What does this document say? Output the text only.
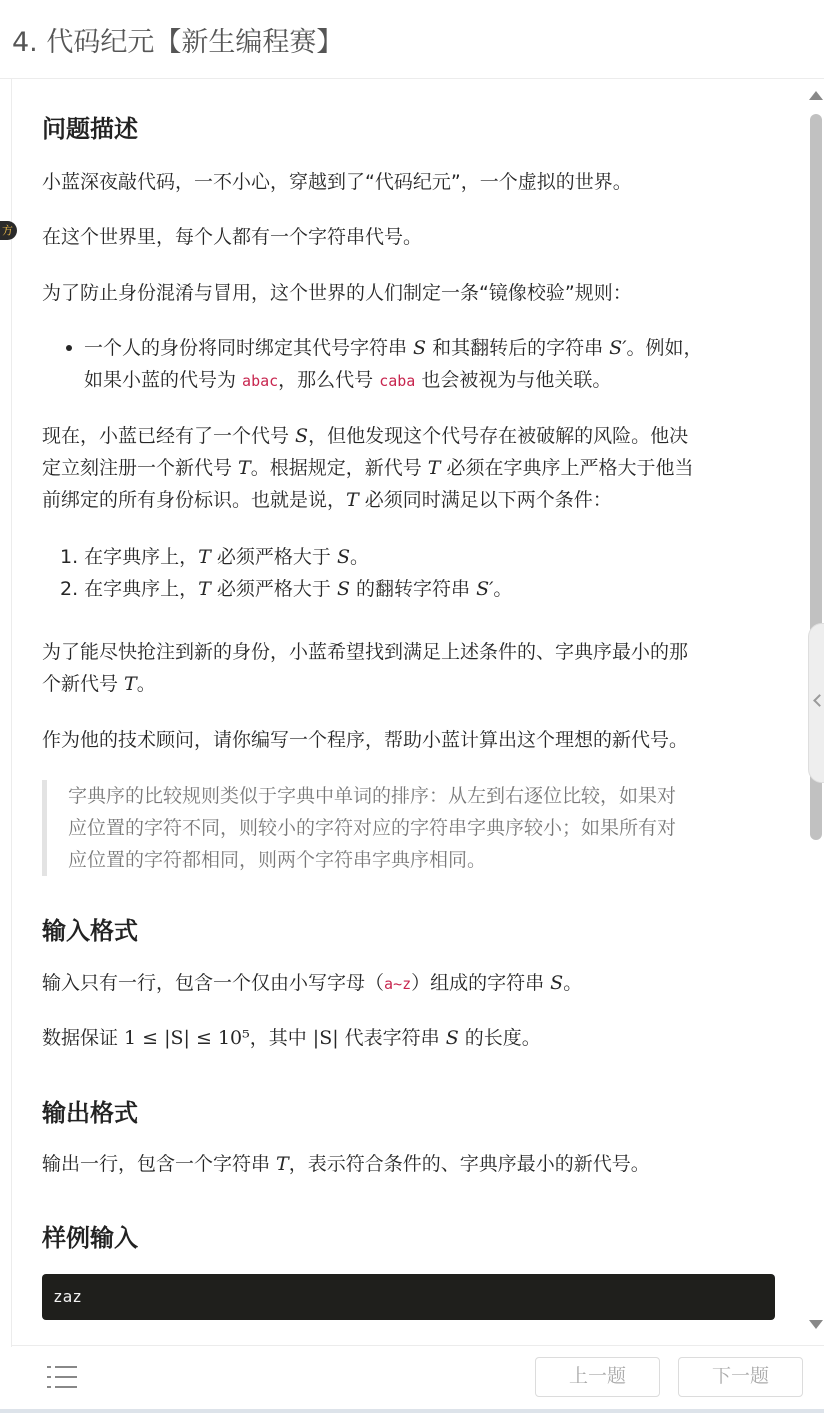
4. 代码纪元【新生编程赛】
方
问题描述
小蓝深夜敲代码，一不小心，穿越到了“代码纪元”，一个虚拟的世界。
在这个世界里，每个人都有一个字符串代号。
为了防止身份混淆与冒用，这个世界的人们制定一条“镜像校验”规则：
一个人的身份将同时绑定其代号字符串 S 和其翻转后的字符串 S′。例如，
如果小蓝的代号为 abac，那么代号 caba 也会被视为与他关联。
现在，小蓝已经有了一个代号 S，但他发现这个代号存在被破解的风险。他决
定立刻注册一个新代号 T。根据规定，新代号 T 必须在字典序上严格大于他当
前绑定的所有身份标识。也就是说，T 必须同时满足以下两个条件：
1. 在字典序上，T 必须严格大于 S。
2. 在字典序上，T 必须严格大于 S 的翻转字符串 S′。
为了能尽快抢注到新的身份，小蓝希望找到满足上述条件的、字典序最小的那
个新代号 T。
作为他的技术顾问，请你编写一个程序，帮助小蓝计算出这个理想的新代号。
字典序的比较规则类似于字典中单词的排序：从左到右逐位比较，如果对
应位置的字符不同，则较小的字符对应的字符串字典序较小；如果所有对
应位置的字符都相同，则两个字符串字典序相同。
输入格式
输入只有一行，包含一个仅由小写字母（a∼z）组成的字符串 S。
数据保证 1 ≤ |S| ≤ 10⁵，其中 |S| 代表字符串 S 的长度。
输出格式
输出一行，包含一个字符串 T，表示符合条件的、字典序最小的新代号。
样例输入
zaz
上一题	下一题
